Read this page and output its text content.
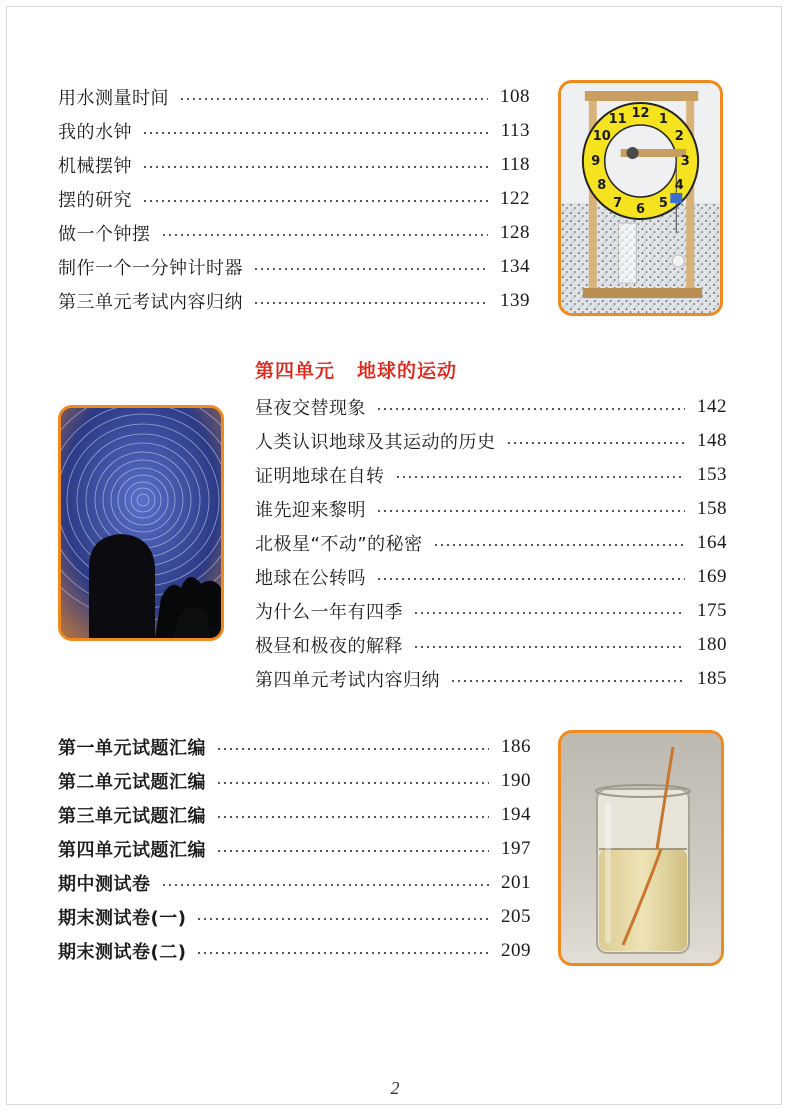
用水测量时间	108
我的水钟	113
机械摆钟	118
摆的研究	122
做一个钟摆	128
制作一个一分钟计时器	134
第三单元考试内容归纳	139
12 1
2
3
4
5
6
7
8
9
10
11
第四单元 地球的运动
昼夜交替现象	142
人类认识地球及其运动的历史	148
证明地球在自转	153
谁先迎来黎明	158
北极星“不动”的秘密	164
地球在公转吗	169
为什么一年有四季	175
极昼和极夜的解释	180
第四单元考试内容归纳	185
第一单元试题汇编	186
第二单元试题汇编	190
第三单元试题汇编	194
第四单元试题汇编	197
期中测试卷	201
期末测试卷(一)	205
期末测试卷(二)	209
2
